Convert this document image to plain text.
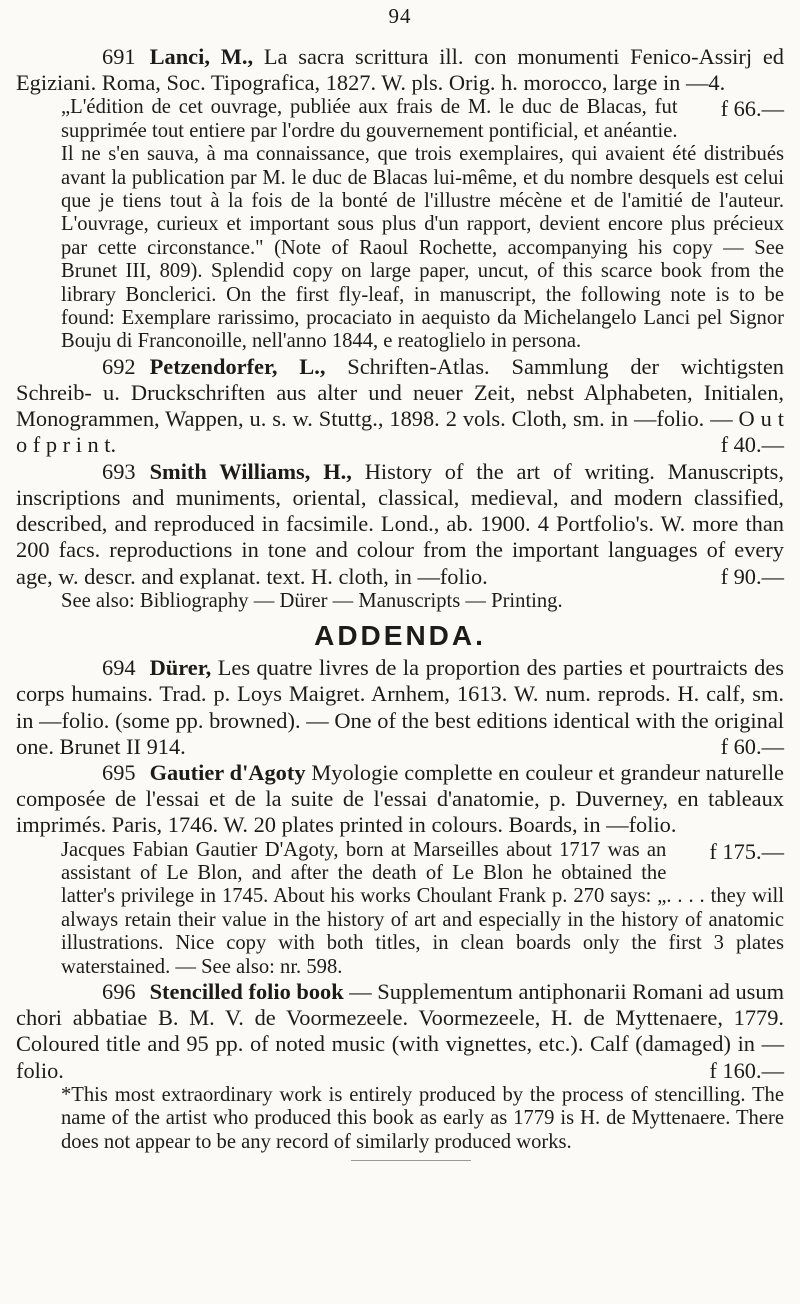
94

691 Lanci, M., La sacra scrittura ill. con monumenti Fenico-Assirj ed Egiziani. Roma, Soc. Tipografica, 1827. W. pls. Orig. h. morocco, large in —4.
f 66.—

„L'édition de cet ouvrage, publiée aux frais de M. le duc de Blacas, fut supprimée tout entiere par l'ordre du gouvernement pontificial, et anéantie. Il ne s'en sauva, à ma connaissance, que trois exemplaires, qui avaient été distribués avant la publication par M. le duc de Blacas lui-même, et du nombre desquels est celui que je tiens tout à la fois de la bonté de l'illustre mécène et de l'amitié de l'auteur. L'ouvrage, curieux et important sous plus d'un rapport, devient encore plus précieux par cette circonstance." (Note of Raoul Rochette, accompanying his copy — See Brunet III, 809). Splendid copy on large paper, uncut, of this scarce book from the library Bonclerici. On the first fly-leaf, in manuscript, the following note is to be found: Exemplare rarissimo, procaciato in aequisto da Michelangelo Lanci pel Signor Bouju di Franconoille, nell'anno 1844, e reatoglielo in persona.

692 Petzendorfer, L., Schriften-Atlas. Sammlung der wichtigsten Schreib- u. Druckschriften aus alter und neuer Zeit, nebst Alphabeten, Initialen, Monogrammen, Wappen, u. s. w. Stuttg., 1898. 2 vols. Cloth, sm. in —folio. — O u t o f p r i n t.	f 40.—

693 Smith Williams, H., History of the art of writing. Manuscripts, inscriptions and muniments, oriental, classical, medieval, and modern classified, described, and reproduced in facsimile. Lond., ab. 1900. 4 Portfolio's. W. more than 200 facs. reproductions in tone and colour from the important languages of every age, w. descr. and explanat. text. H. cloth, in —folio.	f 90.—

See also: Bibliography — Dürer — Manuscripts — Printing.

ADDENDA.

694 Dürer, Les quatre livres de la proportion des parties et pourtraicts des corps humains. Trad. p. Loys Maigret. Arnhem, 1613. W. num. reprods. H. calf, sm. in —folio. (some pp. browned). — One of the best editions identical with the original one. Brunet II 914.	f 60.—

695 Gautier d'Agoty Myologie complette en couleur et grandeur naturelle composée de l'essai et de la suite de l'essai d'anatomie, p. Duverney, en tableaux imprimés. Paris, 1746. W. 20 plates printed in colours. Boards, in —folio.
f 175.—

Jacques Fabian Gautier D'Agoty, born at Marseilles about 1717 was an assistant of Le Blon, and after the death of Le Blon he obtained the latter's privilege in 1745. About his works Choulant Frank p. 270 says: „. . . . they will always retain their value in the history of art and especially in the history of anatomic illustrations. Nice copy with both titles, in clean boards only the first 3 plates waterstained. — See also: nr. 598.

696 Stencilled folio book — Supplementum antiphonarii Romani ad usum chori abbatiae B. M. V. de Voormezeele. Voormezeele, H. de Myttenaere, 1779. Coloured title and 95 pp. of noted music (with vignettes, etc.). Calf (damaged) in —folio.	f 160.—

*This most extraordinary work is entirely produced by the process of stencilling. The name of the artist who produced this book as early as 1779 is H. de Myttenaere. There does not appear to be any record of similarly produced works.
